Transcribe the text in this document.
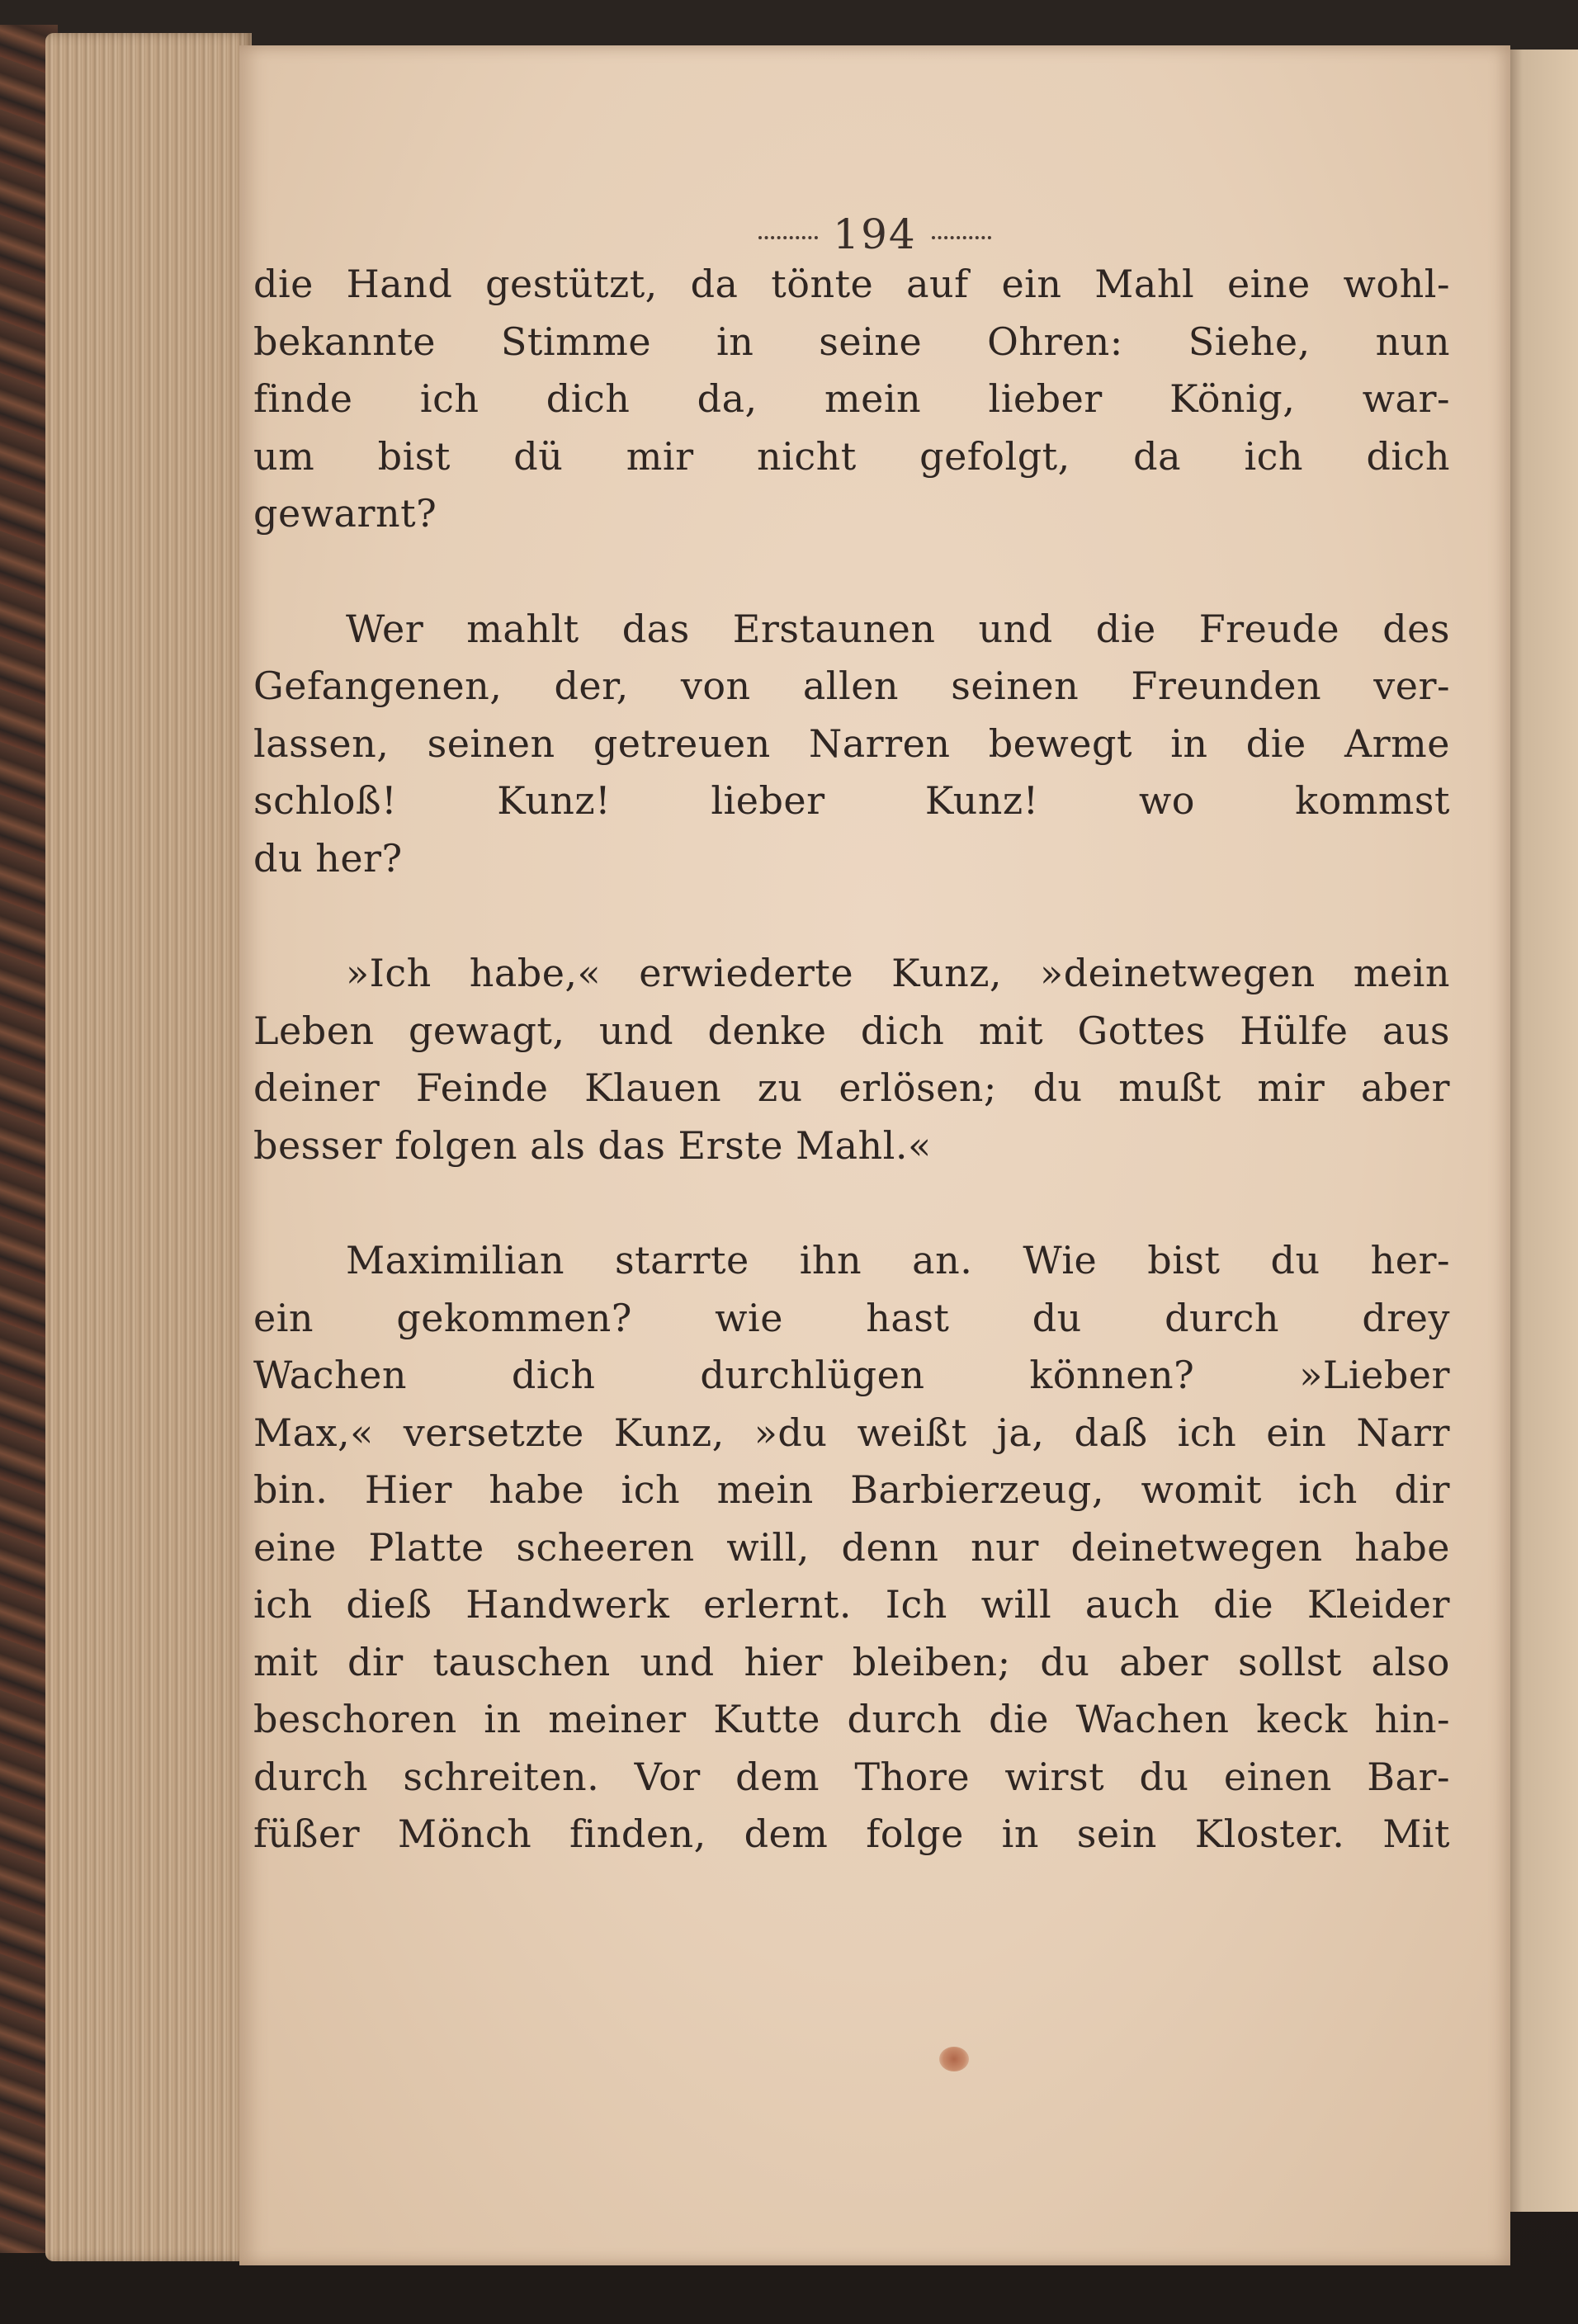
194
die Hand gestützt, da tönte auf ein Mahl eine wohl-
bekannte Stimme in seine Ohren: Siehe, nun
finde ich dich da, mein lieber König, war-
um bist dü mir nicht gefolgt, da ich dich
gewarnt?
Wer mahlt das Erstaunen und die Freude des
Gefangenen, der, von allen seinen Freunden ver-
lassen, seinen getreuen Narren bewegt in die Arme
schloß! Kunz! lieber Kunz! wo kommst
du her?
»Ich habe,« erwiederte Kunz, »deinetwegen mein
Leben gewagt, und denke dich mit Gottes Hülfe aus
deiner Feinde Klauen zu erlösen; du mußt mir aber
besser folgen als das Erste Mahl.«
Maximilian starrte ihn an. Wie bist du her-
ein gekommen? wie hast du durch drey
Wachen dich durchlügen können? »Lieber
Max,« versetzte Kunz, »du weißt ja, daß ich ein Narr
bin. Hier habe ich mein Barbierzeug, womit ich dir
eine Platte scheeren will, denn nur deinetwegen habe
ich dieß Handwerk erlernt. Ich will auch die Kleider
mit dir tauschen und hier bleiben; du aber sollst also
beschoren in meiner Kutte durch die Wachen keck hin-
durch schreiten. Vor dem Thore wirst du einen Bar-
füßer Mönch finden, dem folge in sein Kloster. Mit
